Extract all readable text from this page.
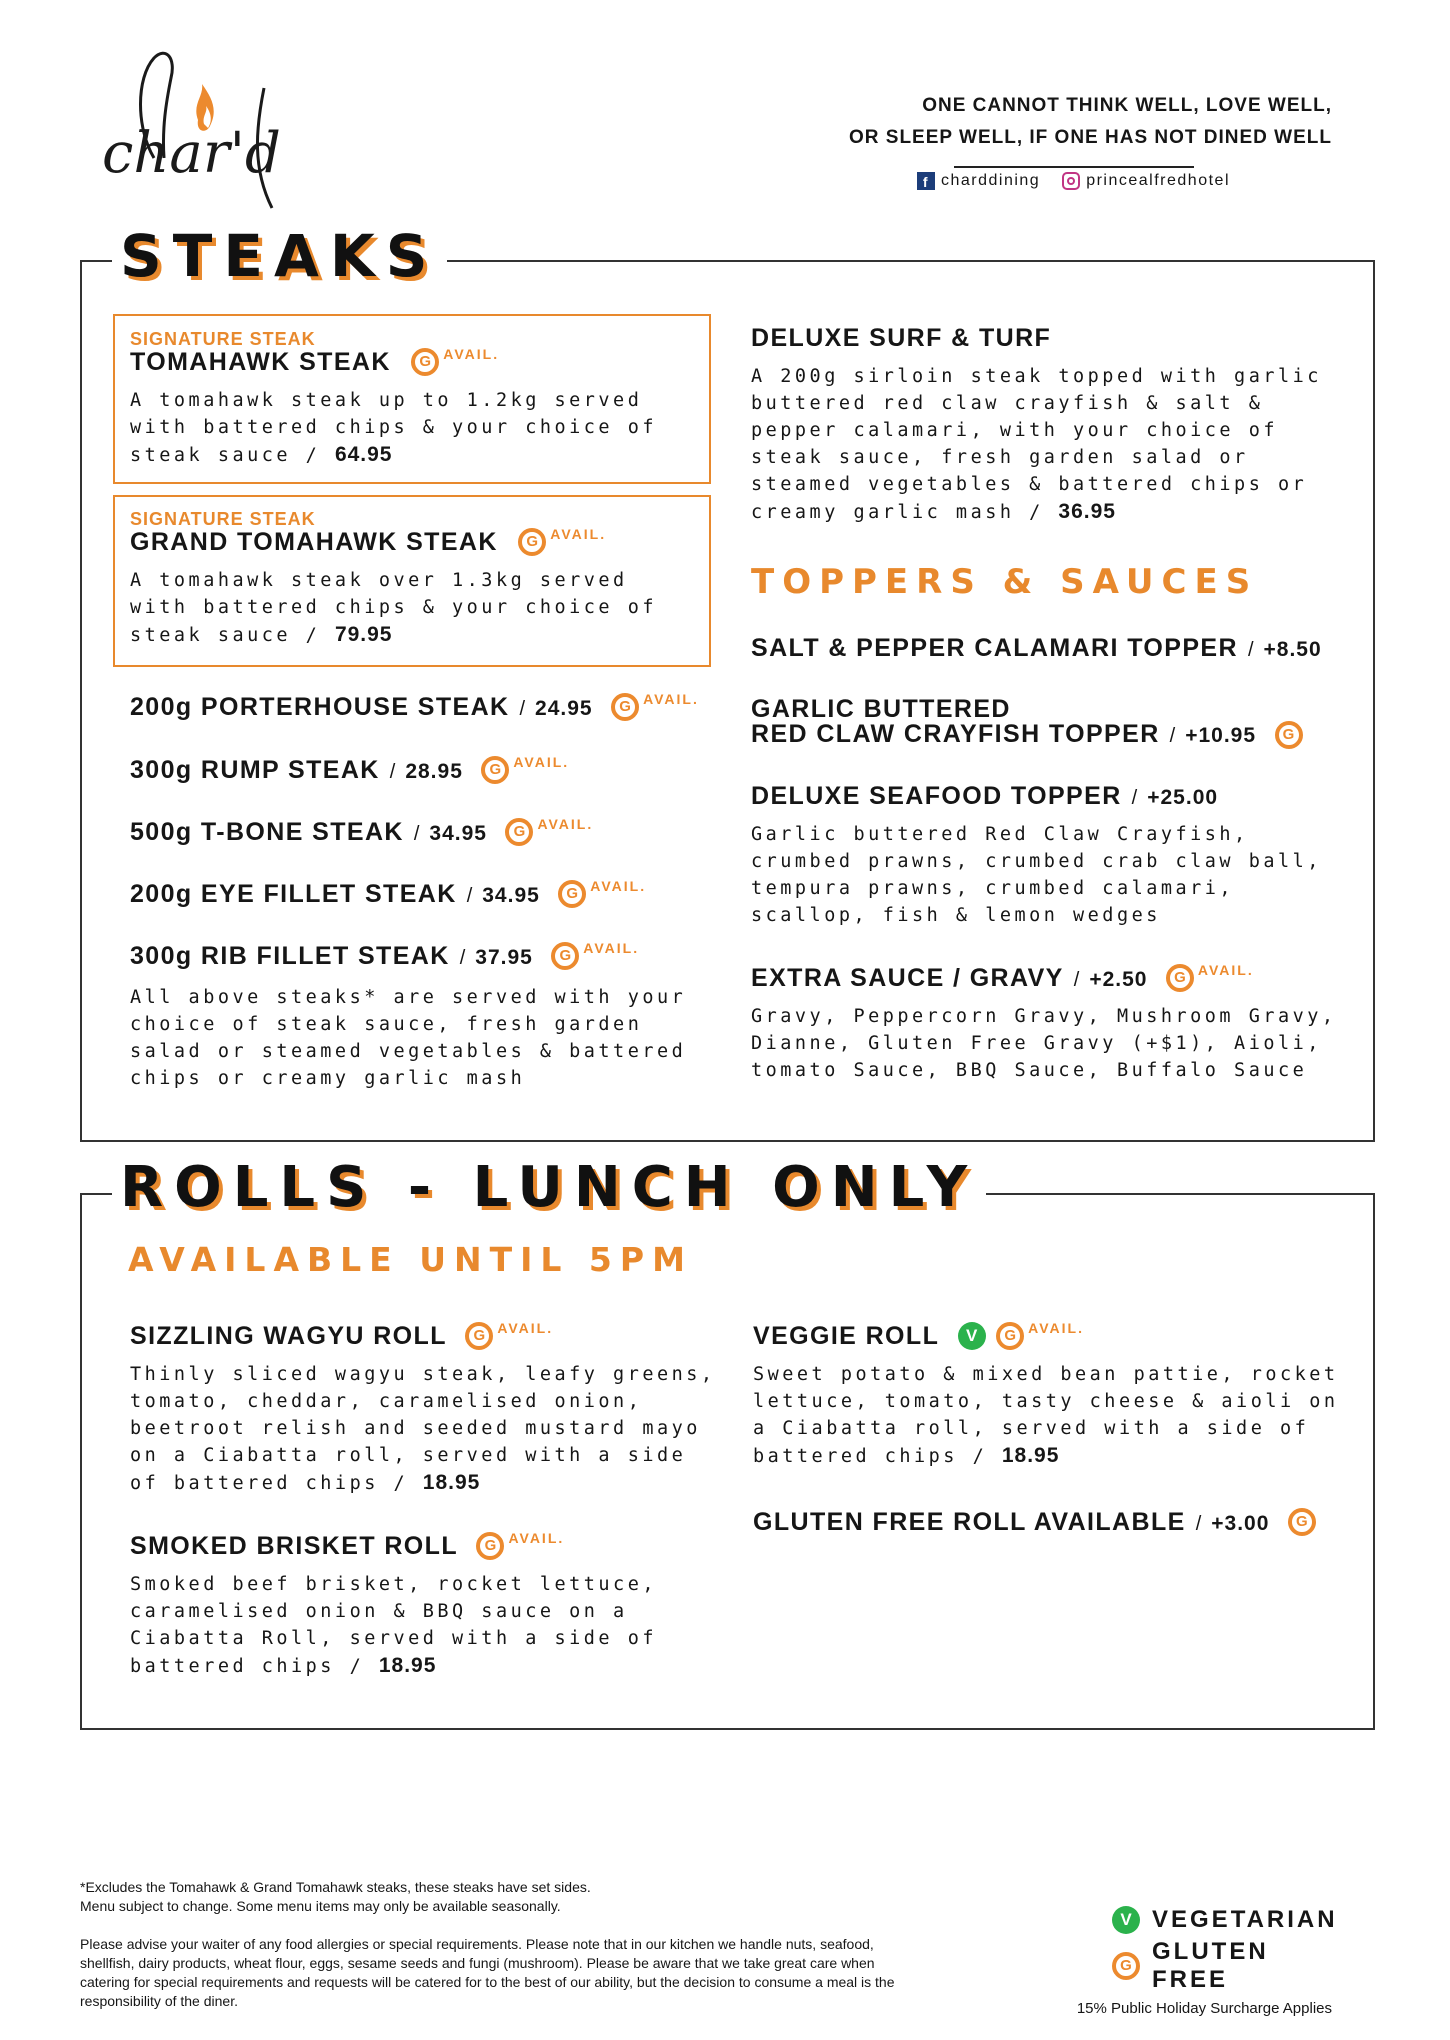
char'd
ONE CANNOT THINK WELL, LOVE WELL,
OR SLEEP WELL, IF ONE HAS NOT DINED WELL
f charddining	princealfredhotel
STEAKS
SIGNATURE STEAK
TOMAHAWK STEAK G AVAIL.
A tomahawk steak up to 1.2kg served with battered chips & your choice of steak sauce / 64.95
SIGNATURE STEAK
GRAND TOMAHAWK STEAK G AVAIL.
A tomahawk steak over 1.3kg served with battered chips & your choice of steak sauce / 79.95
200g PORTERHOUSE STEAK / 24.95 G AVAIL.
300g RUMP STEAK / 28.95 G AVAIL.
500g T-BONE STEAK / 34.95 G AVAIL.
200g EYE FILLET STEAK / 34.95 G AVAIL.
300g RIB FILLET STEAK / 37.95 G AVAIL.
All above steaks* are served with your choice of steak sauce, fresh garden salad or steamed vegetables & battered chips or creamy garlic mash
DELUXE SURF & TURF
A 200g sirloin steak topped with garlic buttered red claw crayfish & salt & pepper calamari, with your choice of steak sauce, fresh garden salad or steamed vegetables & battered chips or creamy garlic mash / 36.95
TOPPERS & SAUCES
SALT & PEPPER CALAMARI TOPPER / +8.50
GARLIC BUTTERED
RED CLAW CRAYFISH TOPPER / +10.95 G
DELUXE SEAFOOD TOPPER / +25.00
Garlic buttered Red Claw Crayfish, crumbed prawns, crumbed crab claw ball, tempura prawns, crumbed calamari, scallop, fish & lemon wedges
EXTRA SAUCE / GRAVY / +2.50 G AVAIL.
Gravy, Peppercorn Gravy, Mushroom Gravy, Dianne, Gluten Free Gravy (+$1), Aioli, tomato Sauce, BBQ Sauce, Buffalo Sauce
ROLLS - LUNCH ONLY
AVAILABLE UNTIL 5PM
SIZZLING WAGYU ROLL G AVAIL.
Thinly sliced wagyu steak, leafy greens, tomato, cheddar, caramelised onion, beetroot relish and seeded mustard mayo on a Ciabatta roll, served with a side of battered chips / 18.95
SMOKED BRISKET ROLL G AVAIL.
Smoked beef brisket, rocket lettuce, caramelised onion & BBQ sauce on a Ciabatta Roll, served with a side of battered chips / 18.95
VEGGIE ROLL V G AVAIL.
Sweet potato & mixed bean pattie, rocket lettuce, tomato, tasty cheese & aioli on a Ciabatta roll, served with a side of battered chips / 18.95
GLUTEN FREE ROLL AVAILABLE / +3.00 G
*Excludes the Tomahawk & Grand Tomahawk steaks, these steaks have set sides.
Menu subject to change. Some menu items may only be available seasonally.
Please advise your waiter of any food allergies or special requirements. Please note that in our kitchen we handle nuts, seafood, shellfish, dairy products, wheat flour, eggs, sesame seeds and fungi (mushroom). Please be aware that we take great care when catering for special requirements and requests will be catered for to the best of our ability, but the decision to consume a meal is the responsibility of the diner.
V VEGETARIAN
G
GLUTEN FREE
15% Public Holiday Surcharge Applies
